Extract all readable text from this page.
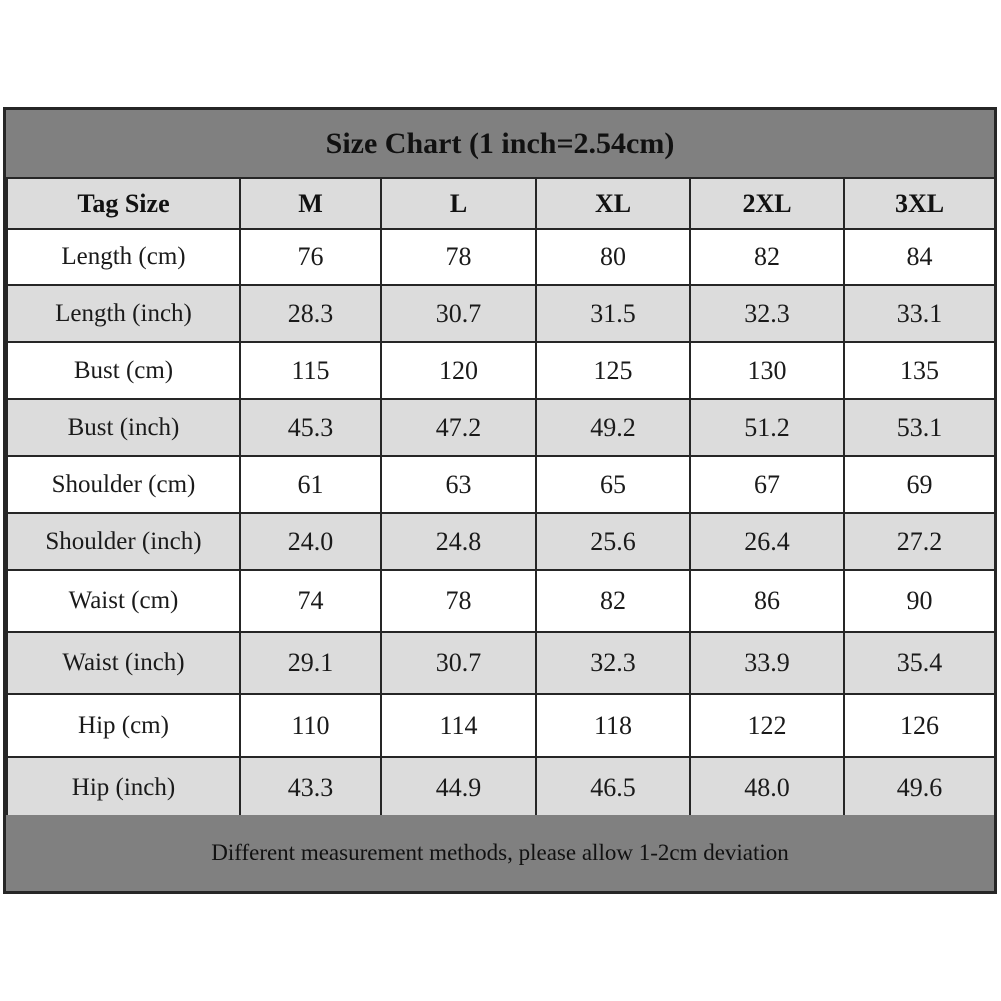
Size Chart (1 inch=2.54cm)
Tag Size	M	L	XL	2XL	3XL
Length (cm)	76	78	80	82	84
Length (inch)	28.3	30.7	31.5	32.3	33.1
Bust (cm)	115	120	125	130	135
Bust (inch)	45.3	47.2	49.2	51.2	53.1
Shoulder (cm)	61	63	65	67	69
Shoulder (inch)	24.0	24.8	25.6	26.4	27.2
Waist (cm)	74	78	82	86	90
Waist (inch)	29.1	30.7	32.3	33.9	35.4
Hip (cm)	110	114	118	122	126
Hip (inch)	43.3	44.9	46.5	48.0	49.6
Different measurement methods, please allow 1-2cm deviation
